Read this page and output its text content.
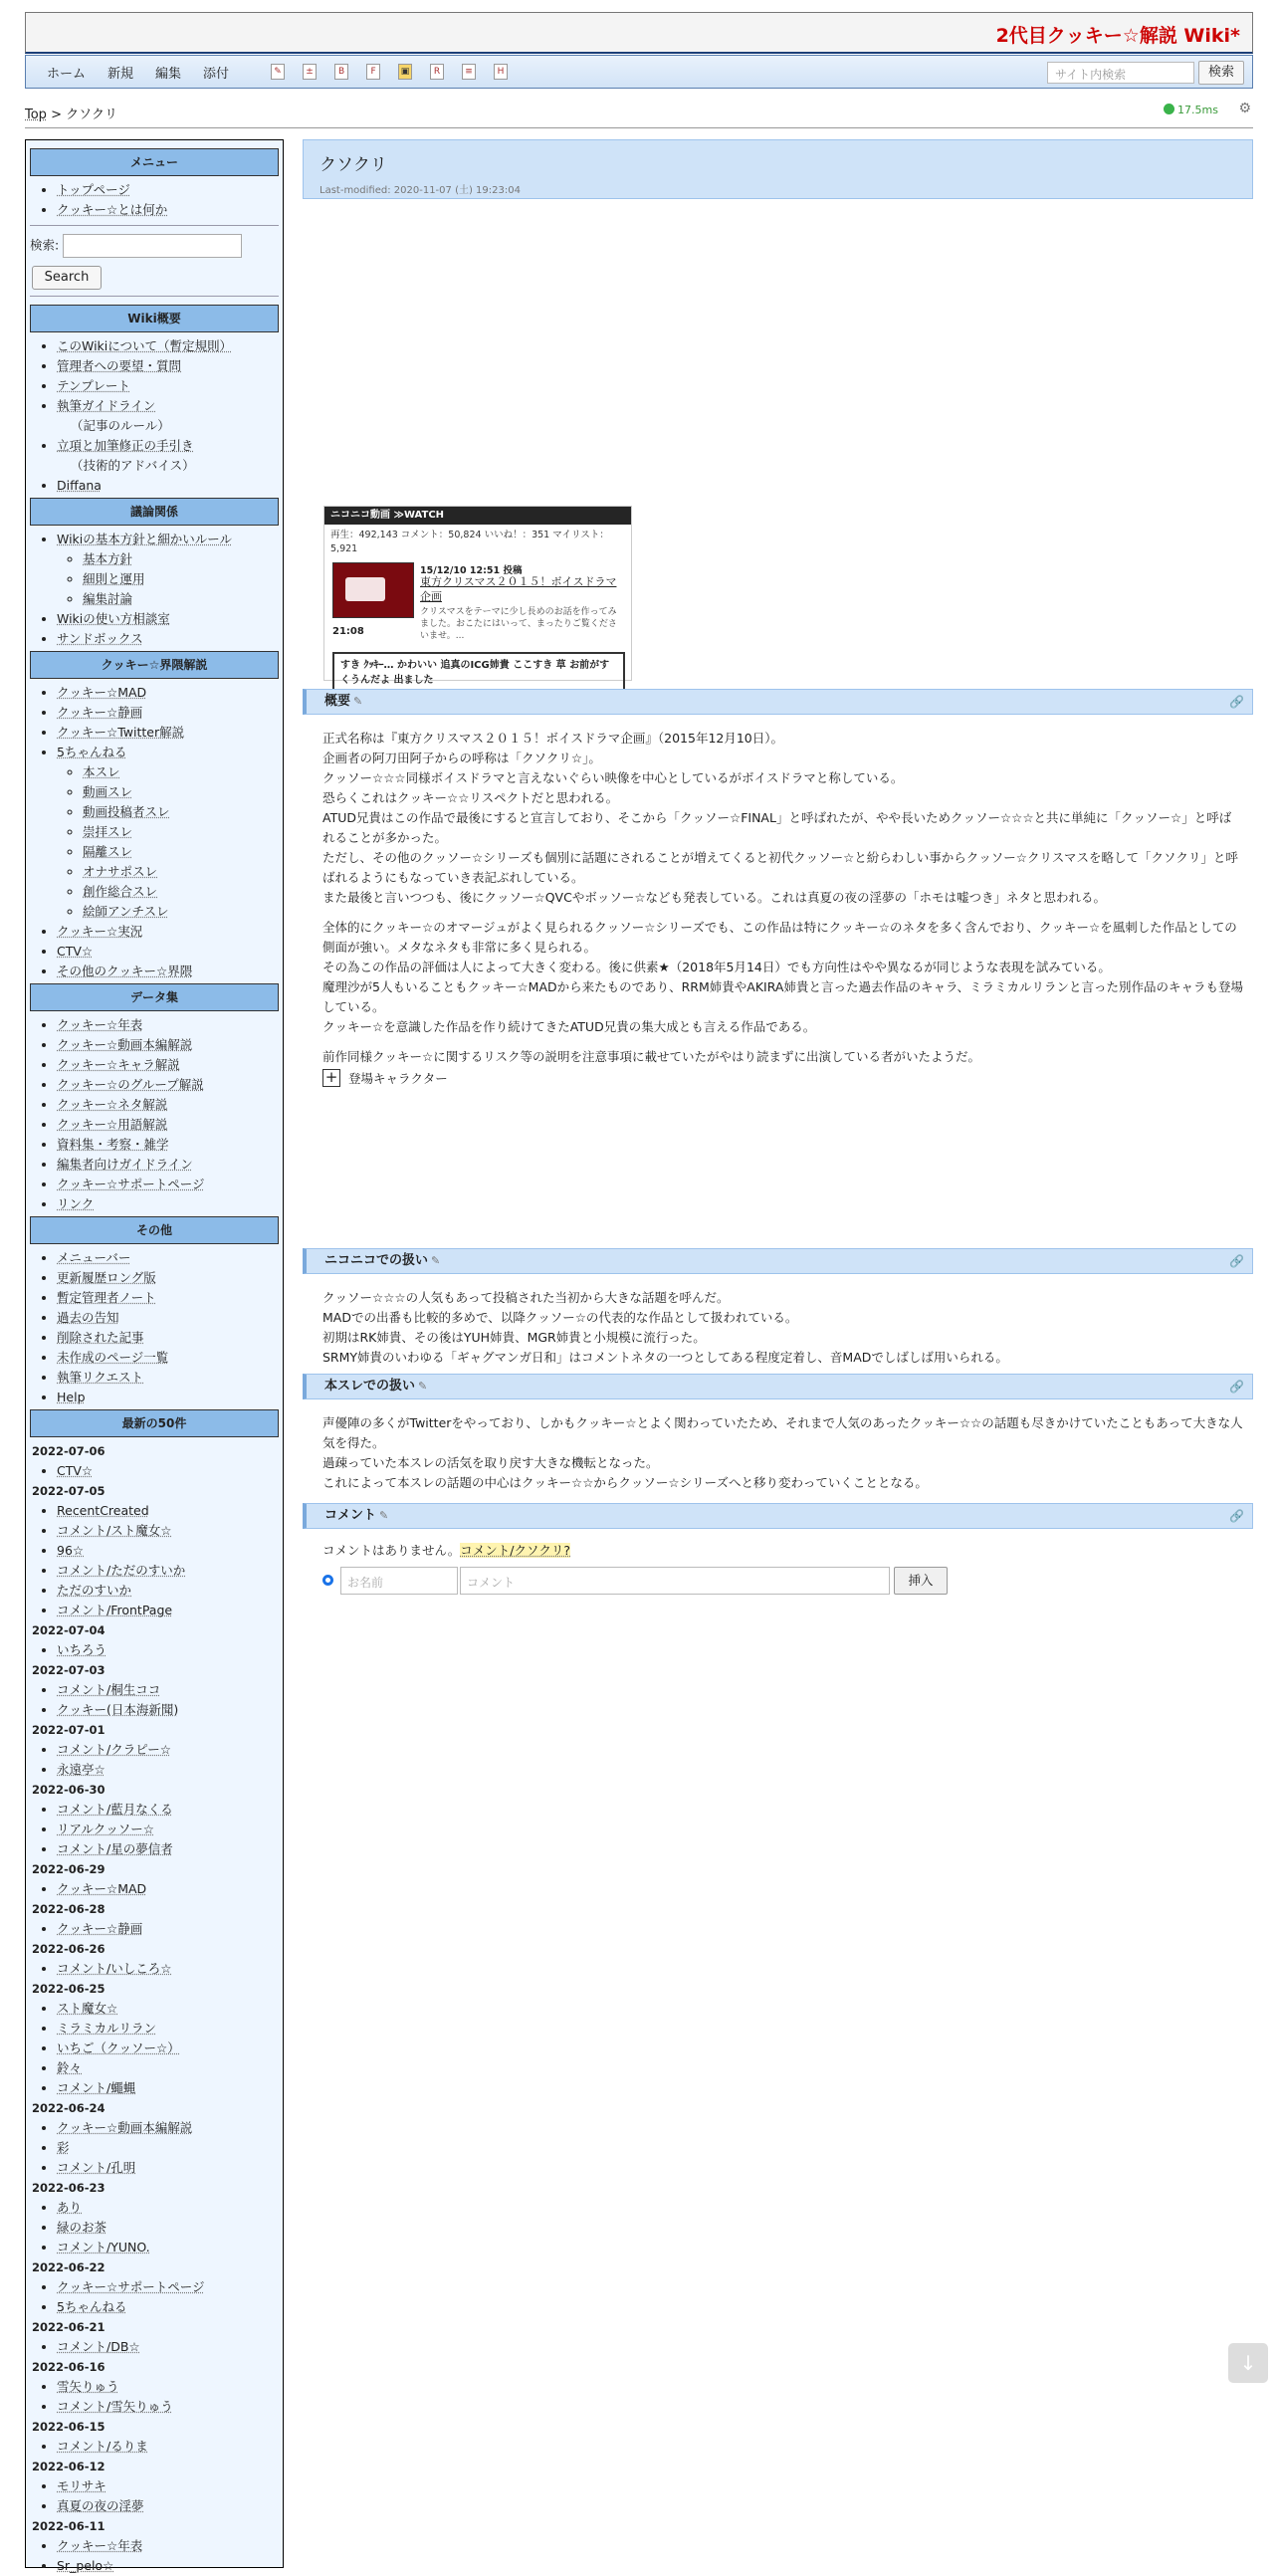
2代目クッキー☆解説 Wiki*
ホーム 新規 編集 添付	✎	±	B	F	▣	R	≡	H	サイト内検索	検索
Top > クソクリ	17.5ms ⚙
メニュー
• トップページ
• クッキー☆とは何か
検索:
Search
Wiki概要
• このWikiについて（暫定規則）
• 管理者への要望・質問
• テンプレート
• 執筆ガイドライン
（記事のルール）
• 立項と加筆修正の手引き
（技術的アドバイス）
• Diffana
議論関係
• Wikiの基本方針と細かいルール
◦ 基本方針
◦ 細則と運用
◦ 編集討論
• Wikiの使い方相談室
• サンドボックス
クッキー☆界隈解説
• クッキー☆MAD
• クッキー☆静画
• クッキー☆Twitter解説
• 5ちゃんねる
◦ 本スレ
◦ 動画スレ
◦ 動画投稿者スレ
◦ 崇拝スレ
◦ 隔離スレ
◦ オナサポスレ
◦ 創作総合スレ
◦ 絵師アンチスレ
• クッキー☆実況
• CTV☆
• その他のクッキー☆界隈
データ集
• クッキー☆年表
• クッキー☆動画本編解説
• クッキー☆キャラ解説
• クッキー☆のグループ解説
• クッキー☆ネタ解説
• クッキー☆用語解説
• 資料集・考察・雑学
• 編集者向けガイドライン
• クッキー☆サポートページ
• リンク
その他
• メニューバー
• 更新履歴ロング版
• 暫定管理者ノート
• 過去の告知
• 削除された記事
• 未作成のページ一覧
• 執筆リクエスト
• Help
最新の50件
2022-07-06
• CTV☆
2022-07-05
• RecentCreated
• コメント/スト魔女☆
• 96☆
• コメント/ただのすいか
• ただのすいか
• コメント/FrontPage
2022-07-04
• いちろう
2022-07-03
• コメント/桐生ココ
• クッキー(日本海新聞)
2022-07-01
• コメント/クラピー☆
• 永遠亭☆
2022-06-30
• コメント/藍月なくる
• リアルクッソー☆
• コメント/星の夢信者
2022-06-29
• クッキー☆MAD
2022-06-28
• クッキー☆静画
2022-06-26
• コメント/いしころ☆
2022-06-25
• スト魔女☆
• ミラミカルリラン
• いちご（クッソー☆）
• 鈴々
• コメント/蠅蝿
2022-06-24
• クッキー☆動画本編解説
• 彩
• コメント/孔明
2022-06-23
• あり
• 緑のお茶
• コメント/YUNO.
2022-06-22
• クッキー☆サポートページ
• 5ちゃんねる
2022-06-21
• コメント/DB☆
2022-06-16
• 雪矢りゅう
• コメント/雪矢りゅう
2022-06-15
• コメント/るりま
2022-06-12
• モリサキ
• 真夏の夜の淫夢
2022-06-11
• クッキー☆年表
• Sr_pelo☆
クソクリ
Last-modified: 2020-11-07 (土) 19:23:04
ニコニコ動画 ≫WATCH
再生：492,143 コメント：50,824 いいね！：351 マイリスト：5,921
21:08
15/12/10 12:51 投稿
東方クリスマス２０１５！ボイスドラマ企画
クリスマスをテーマに少し長めのお話を作ってみました。おこたにはいって、まったりご覧くださいませ。...
すき ｸｯｷｰ… かわいい 追真のICG姉貴 ここすき 草 お前がすくうんだよ 出ました
概要 ✎	🔗

正式名称は『東方クリスマス２０１５！ボイスドラマ企画』（2015年12月10日）。

企画者の阿刀田阿子からの呼称は「クソクリ☆」。

クッソー☆☆☆同様ボイスドラマと言えないぐらい映像を中心としているがボイスドラマと称している。

恐らくこれはクッキー☆☆リスペクトだと思われる。

ATUD兄貴はこの作品で最後にすると宣言しており、そこから「クッソー☆FINAL」と呼ばれたが、やや長いためクッソー☆☆☆と共に単純に「クッソー☆」と呼ばれることが多かった。

ただし、その他のクッソー☆シリーズも個別に話題にされることが増えてくると初代クッソー☆と紛らわしい事からクッソー☆クリスマスを略して「クソクリ」と呼ばれるようにもなっていき表記ぶれしている。

また最後と言いつつも、後にクッソー☆QVCやボッソー☆なども発表している。これは真夏の夜の淫夢の「ホモは嘘つき」ネタと思われる。

全体的にクッキー☆のオマージュがよく見られるクッソー☆シリーズでも、この作品は特にクッキー☆のネタを多く含んでおり、クッキー☆を風刺した作品としての側面が強い。メタなネタも非常に多く見られる。

その為この作品の評価は人によって大きく変わる。後に供素★（2018年5月14日）でも方向性はやや異なるが同じような表現を試みている。

魔理沙が5人もいることもクッキー☆MADから来たものであり、RRM姉貴やAKIRA姉貴と言った過去作品のキャラ、ミラミカルリランと言った別作品のキャラも登場している。

クッキー☆を意識した作品を作り続けてきたATUD兄貴の集大成とも言える作品である。

前作同様クッキー☆に関するリスク等の説明を注意事項に載せていたがやはり読まずに出演している者がいたようだ。

+ 登場キャラクター
ニコニコでの扱い ✎	🔗

クッソー☆☆☆の人気もあって投稿された当初から大きな話題を呼んだ。

MADでの出番も比較的多めで、以降クッソー☆の代表的な作品として扱われている。

初期はRK姉貴、その後はYUH姉貴、MGR姉貴と小規模に流行った。

SRMY姉貴のいわゆる「ギャグマンガ日和」はコメントネタの一つとしてある程度定着し、音MADでしばしば用いられる。

本スレでの扱い ✎	🔗

声優陣の多くがTwitterをやっており、しかもクッキー☆とよく関わっていたため、それまで人気のあったクッキー☆☆の話題も尽きかけていたこともあって大きな人気を得た。

過疎っていた本スレの活気を取り戻す大きな機転となった。

これによって本スレの話題の中心はクッキー☆☆からクッソー☆シリーズへと移り変わっていくこととなる。

コメント ✎	🔗
コメントはありません。コメント/クソクリ?
お名前	コメント	挿入
↓
